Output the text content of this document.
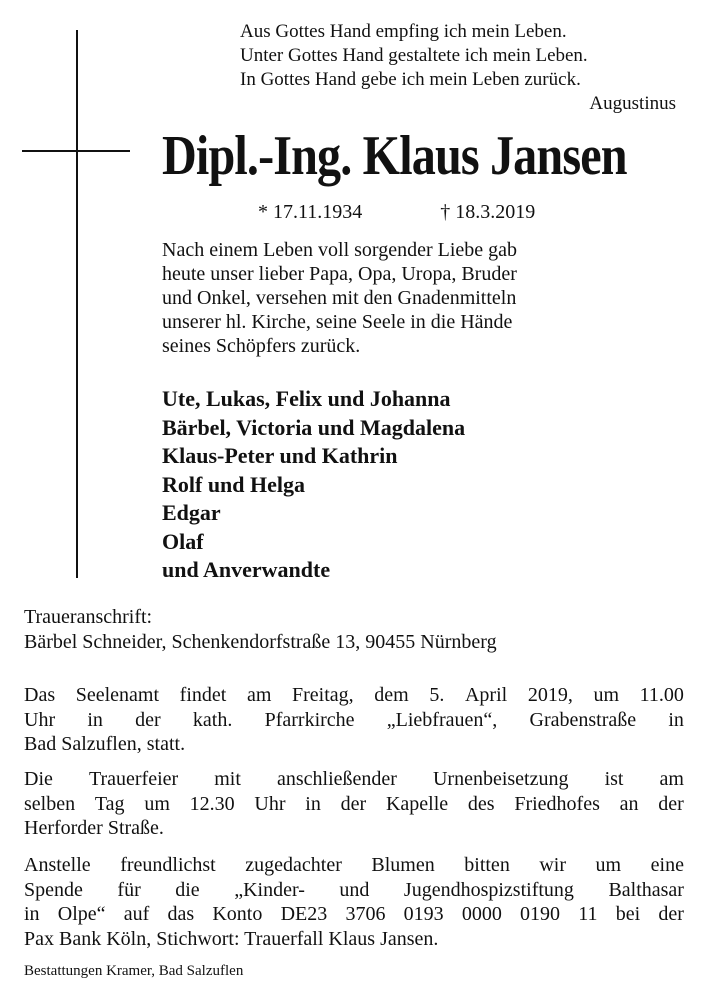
Aus Gottes Hand empfing ich mein Leben.
Unter Gottes Hand gestaltete ich mein Leben.
In Gottes Hand gebe ich mein Leben zurück.
Augustinus
Dipl.-Ing. Klaus Jansen
* 17.11.1934	† 18.3.2019
Nach einem Leben voll sorgender Liebe gab
heute unser lieber Papa, Opa, Uropa, Bruder
und Onkel, versehen mit den Gnadenmitteln
unserer hl. Kirche, seine Seele in die Hände
seines Schöpfers zurück.
Ute, Lukas, Felix und Johanna
Bärbel, Victoria und Magdalena
Klaus-Peter und Kathrin
Rolf und Helga
Edgar
Olaf
und Anverwandte
Traueranschrift:
Bärbel Schneider, Schenkendorfstraße 13, 90455 Nürnberg
Das Seelenamt findet am Freitag, dem 5. April 2019, um 11.00
Uhr in der kath. Pfarrkirche „Liebfrauen“, Grabenstraße in
Bad Salzuflen, statt.
Die Trauerfeier mit anschließender Urnenbeisetzung ist am
selben Tag um 12.30 Uhr in der Kapelle des Friedhofes an der
Herforder Straße.
Anstelle freundlichst zugedachter Blumen bitten wir um eine
Spende für die „Kinder- und Jugendhospizstiftung Balthasar
in Olpe“ auf das Konto DE23 3706 0193 0000 0190 11 bei der
Pax Bank Köln, Stichwort: Trauerfall Klaus Jansen.
Bestattungen Kramer, Bad Salzuflen
